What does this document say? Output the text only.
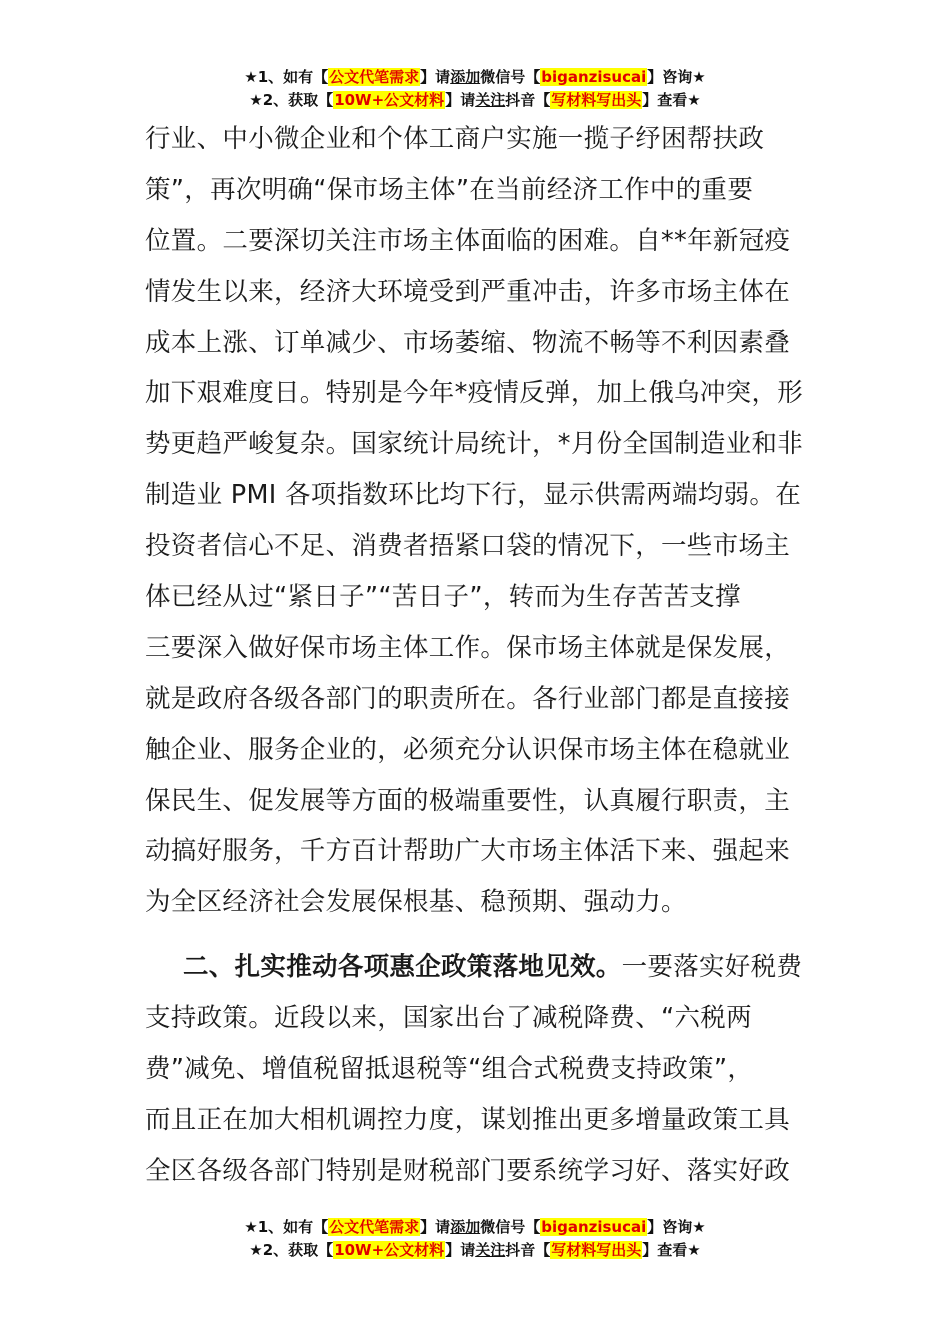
★1、如有【公文代笔需求】请添加微信号【biganzisucai】咨询★
★2、获取【10W+公文材料】请关注抖音【写材料写出头】查看★
行业、中小微企业和个体工商户实施一揽子纾困帮扶政
策”，再次明确“保市场主体”在当前经济工作中的重要
位置。二要深切关注市场主体面临的困难。自**年新冠疫
情发生以来，经济大环境受到严重冲击，许多市场主体在
成本上涨、订单减少、市场萎缩、物流不畅等不利因素叠
加下艰难度日。特别是今年*疫情反弹，加上俄乌冲突，形
势更趋严峻复杂。国家统计局统计，*月份全国制造业和非
制造业 PMI 各项指数环比均下行，显示供需两端均弱。在
投资者信心不足、消费者捂紧口袋的情况下，一些市场主
体已经从过“紧日子”“苦日子”，转而为生存苦苦支撑
三要深入做好保市场主体工作。保市场主体就是保发展，
就是政府各级各部门的职责所在。各行业部门都是直接接
触企业、服务企业的，必须充分认识保市场主体在稳就业
保民生、促发展等方面的极端重要性，认真履行职责，主
动搞好服务，千方百计帮助广大市场主体活下来、强起来
为全区经济社会发展保根基、稳预期、强动力。
二、扎实推动各项惠企政策落地见效。一要落实好税费
支持政策。近段以来，国家出台了减税降费、“六税两
费”减免、增值税留抵退税等“组合式税费支持政策”，
而且正在加大相机调控力度，谋划推出更多增量政策工具
全区各级各部门特别是财税部门要系统学习好、落实好政
★1、如有【公文代笔需求】请添加微信号【biganzisucai】咨询★
★2、获取【10W+公文材料】请关注抖音【写材料写出头】查看★
